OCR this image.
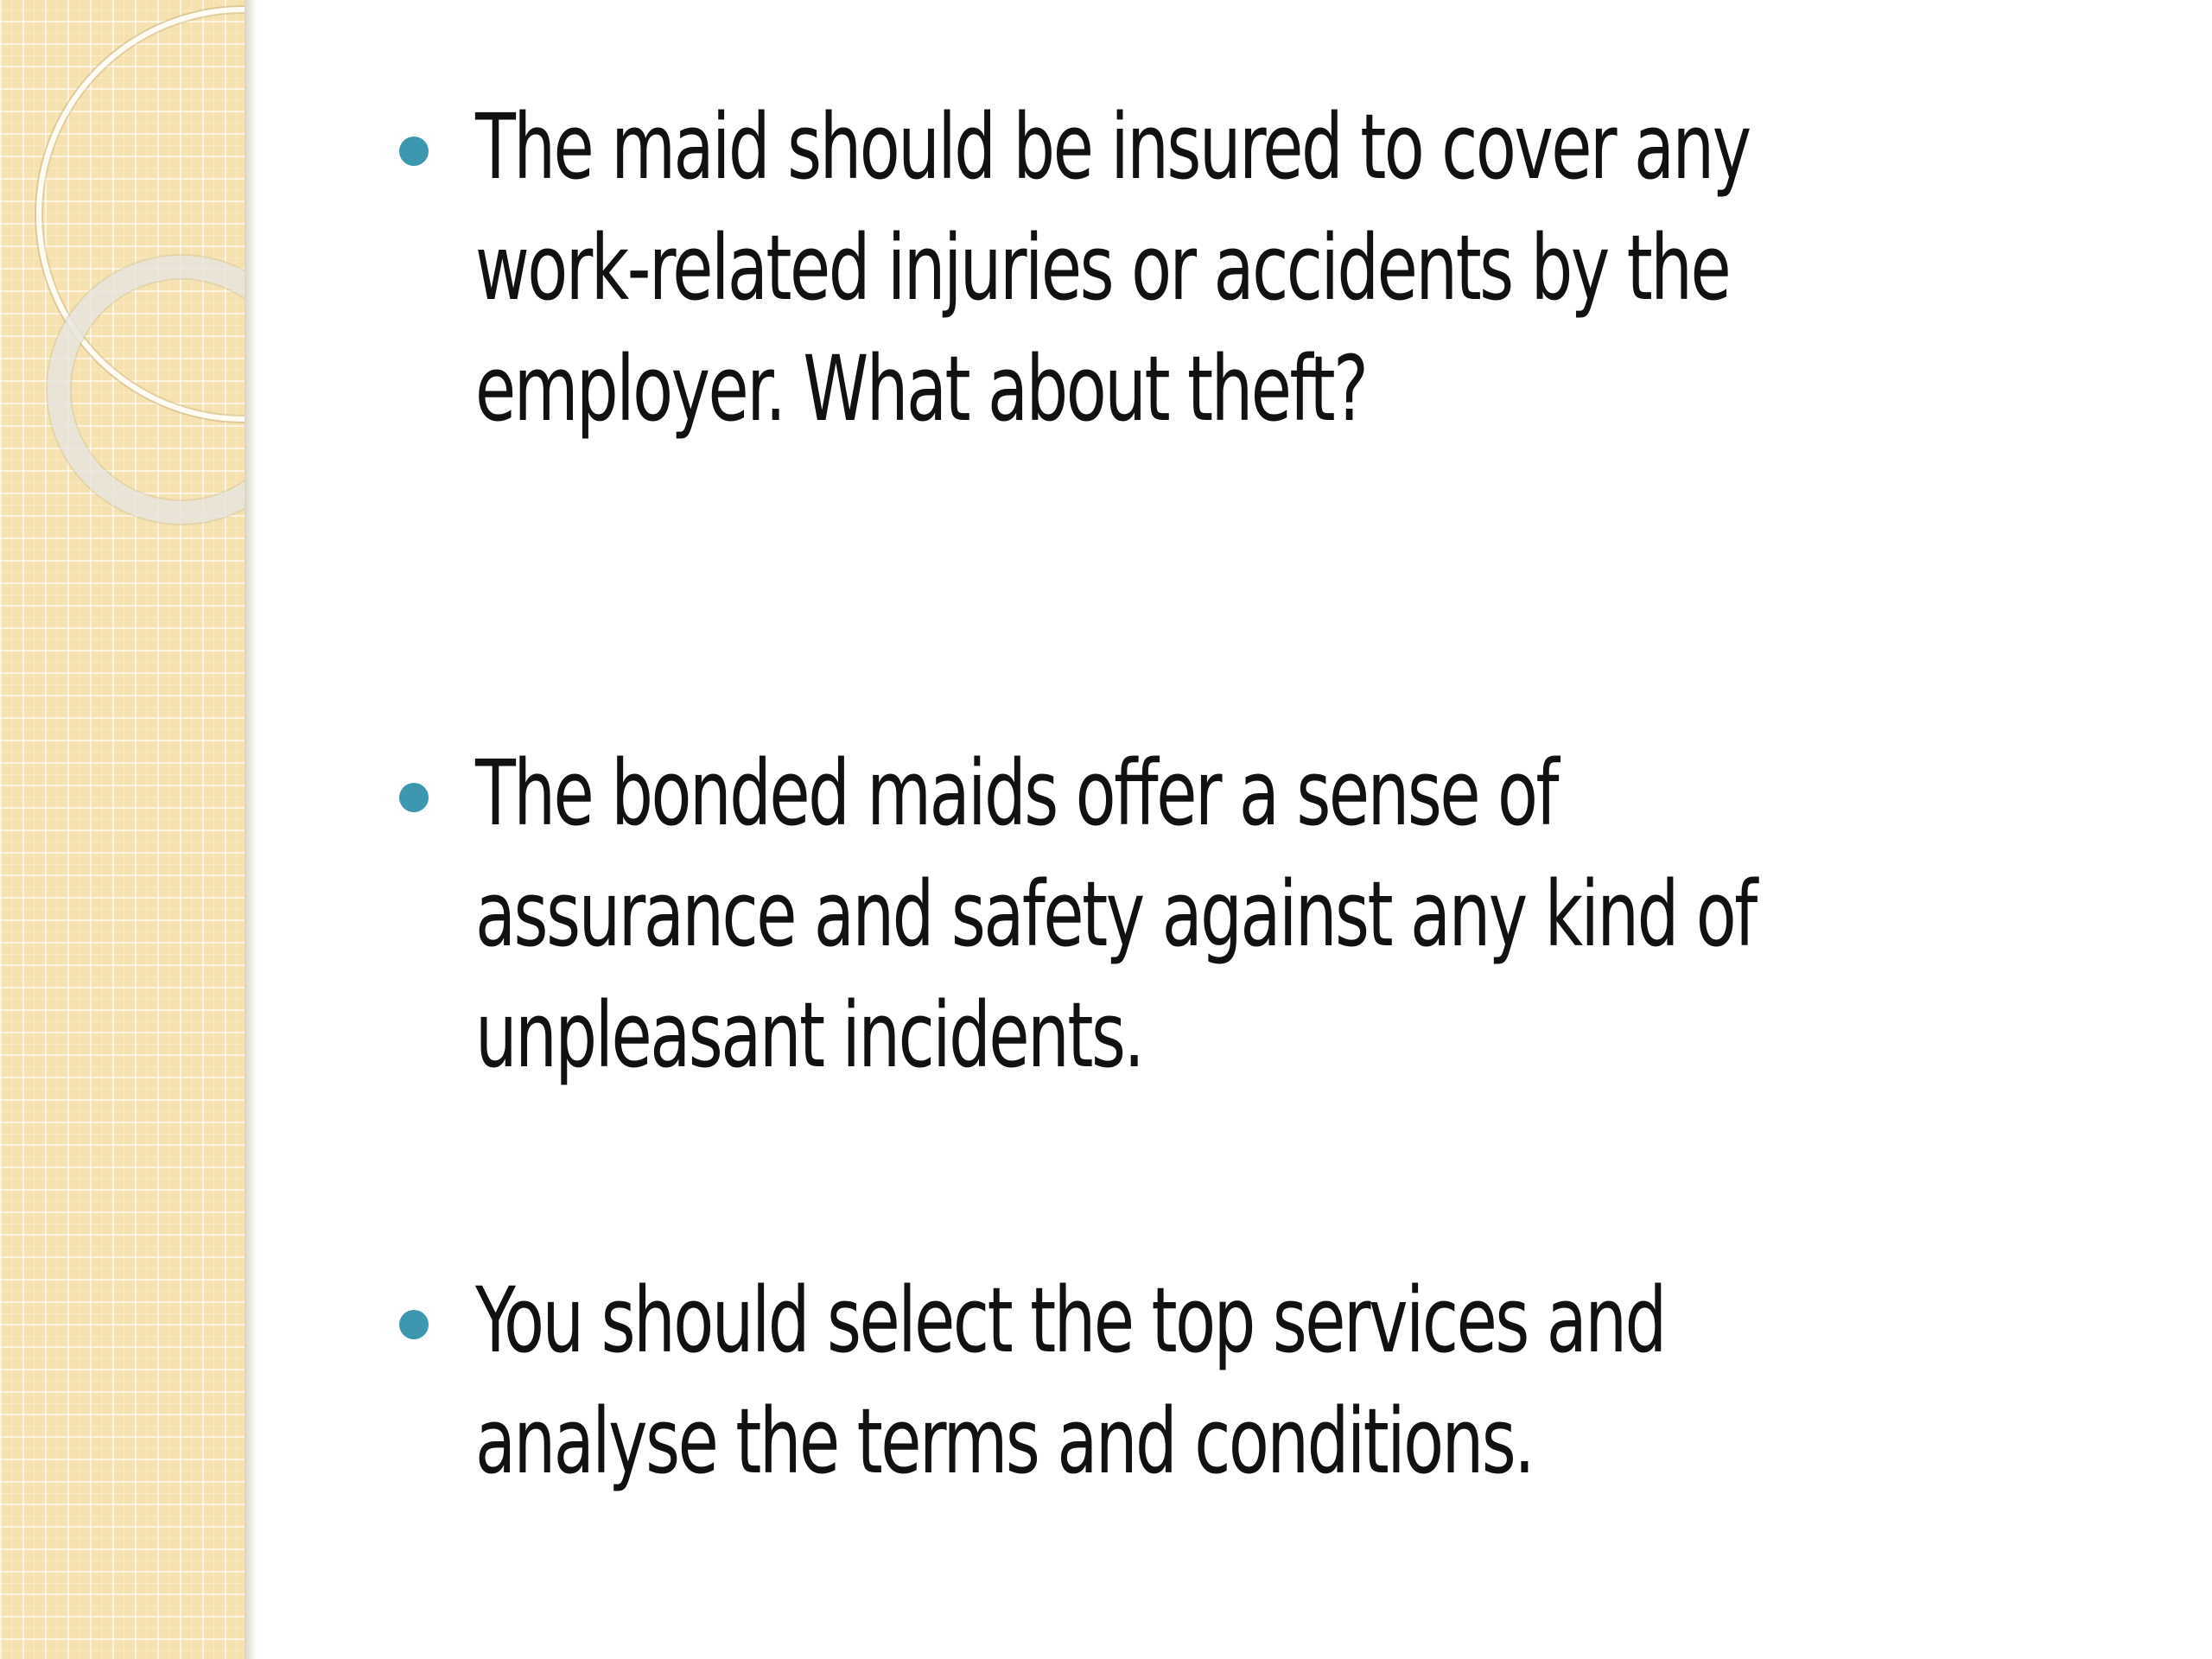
The maid should be insured to cover any work-related injuries or accidents by the employer. What about theft?
The bonded maids offer a sense of assurance and safety against any kind of unpleasant incidents.
You should select the top services and analyse the terms and conditions.
